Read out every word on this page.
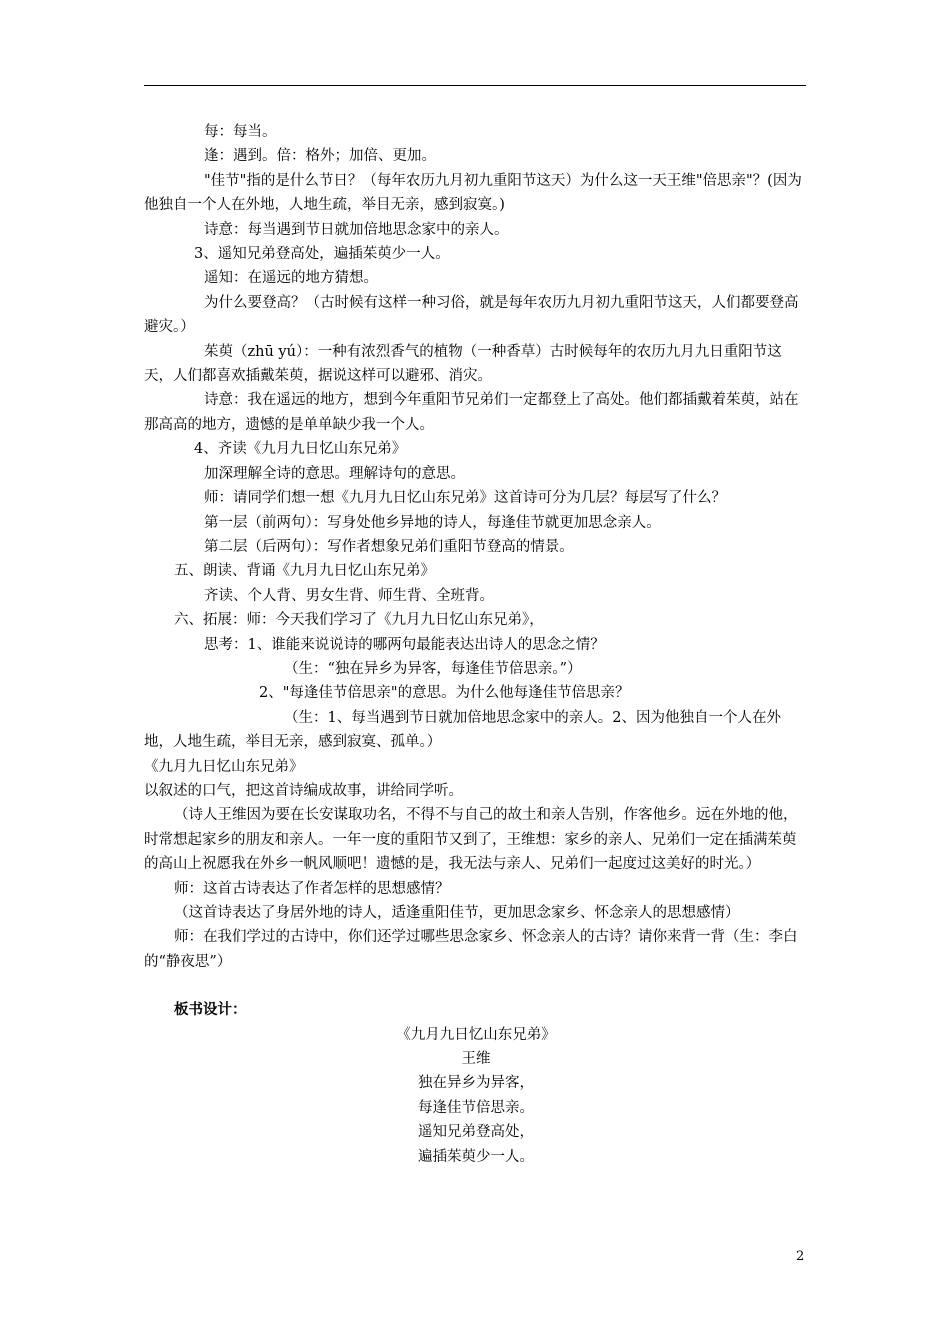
每：每当。

逢：遇到。倍：格外；加倍、更加。

"佳节"指的是什么节日？（每年农历九月初九重阳节这天）为什么这一天王维"倍思亲"？(因为他独自一个人在外地，人地生疏，举目无亲，感到寂寞。)

诗意：每当遇到节日就加倍地思念家中的亲人。

3、遥知兄弟登高处，遍插茱萸少一人。

遥知：在遥远的地方猜想。

为什么要登高？（古时候有这样一种习俗，就是每年农历九月初九重阳节这天，人们都要登高避灾。）

茱萸（zhū yú）：一种有浓烈香气的植物（一种香草）古时候每年的农历九月九日重阳节这天，人们都喜欢插戴茱萸，据说这样可以避邪、消灾。

诗意：我在遥远的地方，想到今年重阳节兄弟们一定都登上了高处。他们都插戴着茱萸，站在那高高的地方，遗憾的是单单缺少我一个人。

4、齐读《九月九日忆山东兄弟》

加深理解全诗的意思。理解诗句的意思。

师：请同学们想一想《九月九日忆山东兄弟》这首诗可分为几层？每层写了什么？

第一层（前两句）：写身处他乡异地的诗人，每逢佳节就更加思念亲人。

第二层（后两句）：写作者想象兄弟们重阳节登高的情景。

五、朗读、背诵《九月九日忆山东兄弟》

齐读、个人背、男女生背、师生背、全班背。

六、拓展：师：今天我们学习了《九月九日忆山东兄弟》，

思考：1、谁能来说说诗的哪两句最能表达出诗人的思念之情？

（生：“独在异乡为异客，每逢佳节倍思亲。”）

2、"每逢佳节倍思亲"的意思。为什么他每逢佳节倍思亲？

（生：1、每当遇到节日就加倍地思念家中的亲人。2、因为他独自一个人在外地，人地生疏，举目无亲，感到寂寞、孤单。）

《九月九日忆山东兄弟》

以叙述的口气，把这首诗编成故事，讲给同学听。

（诗人王维因为要在长安谋取功名，不得不与自己的故土和亲人告别，作客他乡。远在外地的他，时常想起家乡的朋友和亲人。一年一度的重阳节又到了，王维想：家乡的亲人、兄弟们一定在插满茱萸的高山上祝愿我在外乡一帆风顺吧！遗憾的是，我无法与亲人、兄弟们一起度过这美好的时光。）

师：这首古诗表达了作者怎样的思想感情？

（这首诗表达了身居外地的诗人，适逢重阳佳节，更加思念家乡、怀念亲人的思想感情）

师：在我们学过的古诗中，你们还学过哪些思念家乡、怀念亲人的古诗？请你来背一背（生：李白的“静夜思”）

板书设计：

《九月九日忆山东兄弟》

王维

独在异乡为异客，

每逢佳节倍思亲。

遥知兄弟登高处，

遍插茱萸少一人。

2
